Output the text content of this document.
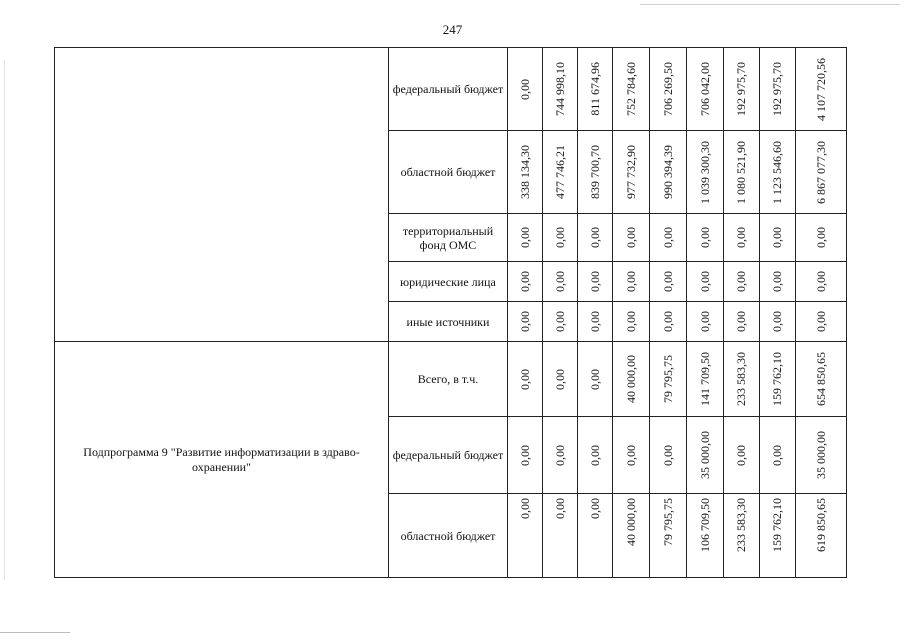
247
	федеральный бюджет	0,00	744 998,10	811 674,96	752 784,60	706 269,50	706 042,00	192 975,70	192 975,70	4 107 720,56

	областной бюджет	338 134,30	477 746,21	839 700,70	977 732,90	990 394,39	1 039 300,30	1 080 521,90	1 123 546,60	6 867 077,30

	территориальный фонд ОМС	0,00	0,00	0,00	0,00	0,00	0,00	0,00	0,00	0,00

	юридические лица	0,00	0,00	0,00	0,00	0,00	0,00	0,00	0,00	0,00

	иные источники	0,00	0,00	0,00	0,00	0,00	0,00	0,00	0,00	0,00

Подпрограмма 9 "Развитие информатизации в здраво-охранении"	Всего, в т.ч.	0,00	0,00	0,00	40 000,00	79 795,75	141 709,50	233 583,30	159 762,10	654 850,65

	федеральный бюджет	0,00	0,00	0,00	0,00	0,00	35 000,00	0,00	0,00	35 000,00

	областной бюджет	0,00	0,00	0,00	40 000,00	79 795,75	106 709,50	233 583,30	159 762,10	619 850,65
